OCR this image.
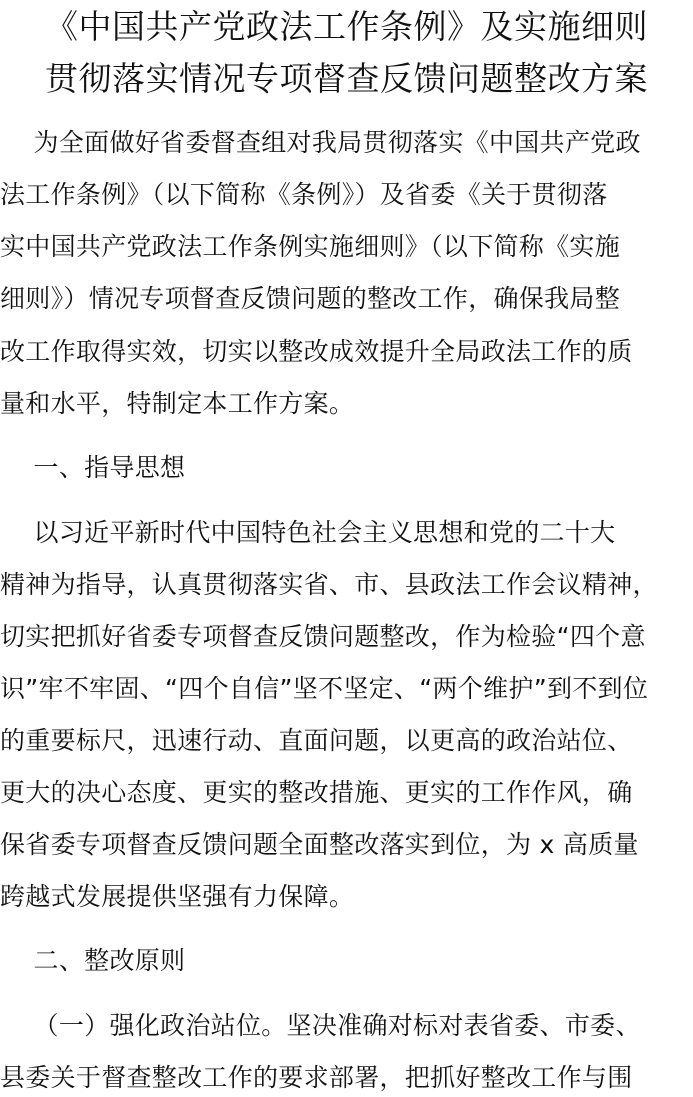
《中国共产党政法工作条例》及实施细则
贯彻落实情况专项督查反馈问题整改方案
　 为全面做好省委督查组对我局贯彻落实《中国共产党政
法工作条例》（以下简称《条例》）及省委《关于贯彻落
实中国共产党政法工作条例实施细则》（以下简称《实施
细则》）情况专项督查反馈问题的整改工作，确保我局整
改工作取得实效，切实以整改成效提升全局政法工作的质
量和水平，特制定本工作方案。
　 一、指导思想
　 以习近平新时代中国特色社会主义思想和党的二十大
精神为指导，认真贯彻落实省、市、县政法工作会议精神，
切实把抓好省委专项督查反馈问题整改，作为检验“四个意
识”牢不牢固、“四个自信”坚不坚定、“两个维护”到不到位
的重要标尺，迅速行动、直面问题，以更高的政治站位、
更大的决心态度、更实的整改措施、更实的工作作风，确
保省委专项督查反馈问题全面整改落实到位，为 x 高质量
跨越式发展提供坚强有力保障。
　 二、整改原则
　 （一）强化政治站位。坚决准确对标对表省委、市委、
县委关于督查整改工作的要求部署，把抓好整改工作与围
